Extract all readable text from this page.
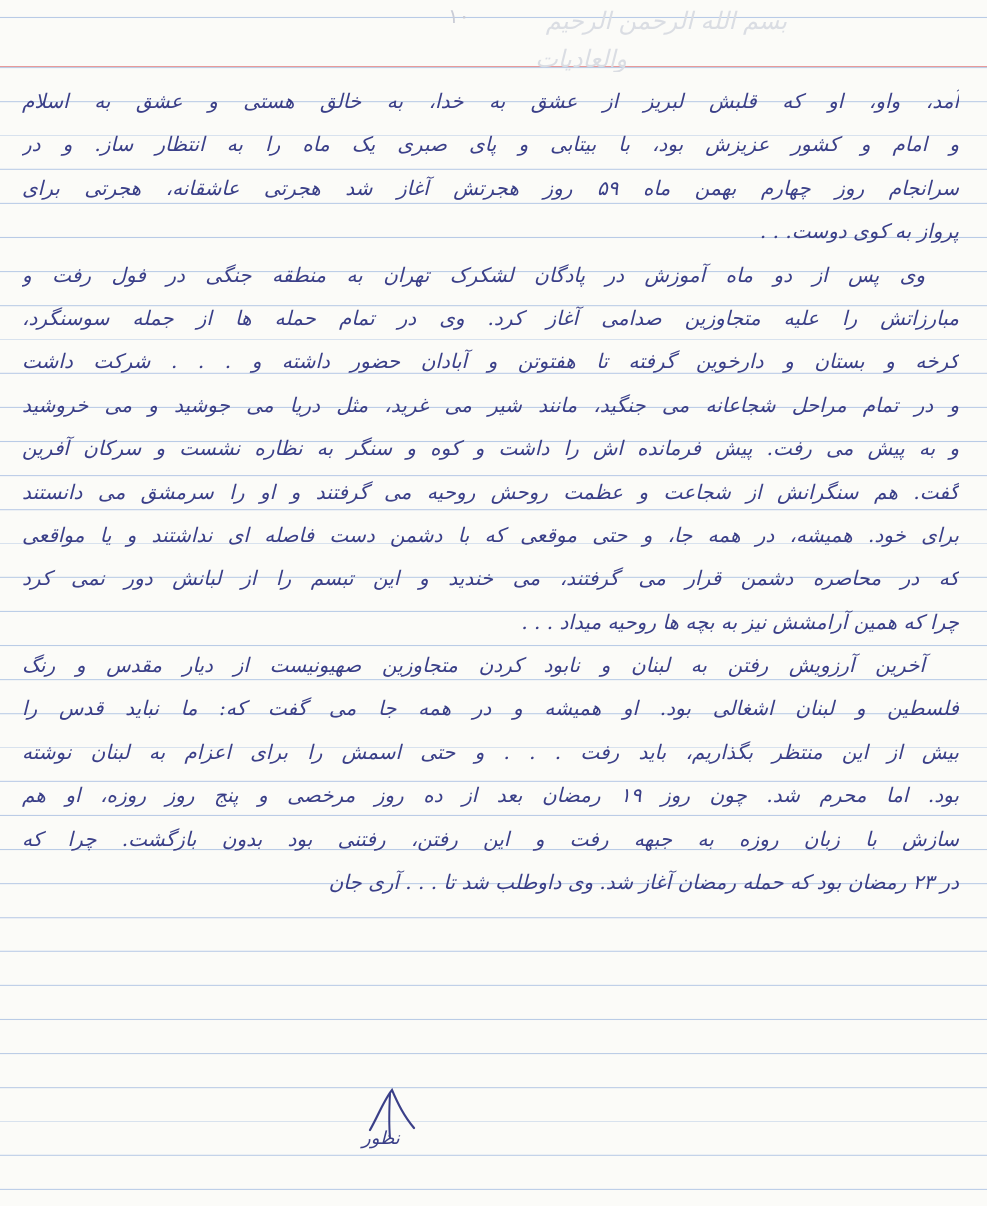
۱۰	بسم الله الرحمن الرحیم
والعادیات
آمد، واو، او که قلبش لبریز از عشق به خدا، به خالق هستی و عشق به اسلام
و امام و کشور عزیزش بود، با بیتابی و پای صبری یک ماه را به انتظار ساز. و در
سرانجام روز چهارم بهمن ماه ۵۹ روز هجرتش آغاز شد هجرتی عاشقانه، هجرتی برای
پرواز به کوی دوست. . .
وی پس از دو ماه آموزش در پادگان لشکرک تهران به منطقه جنگی در فول رفت و
مبارزاتش را علیه متجاوزین صدامی آغاز کرد. وی در تمام حمله ها از جمله سوسنگرد،
کرخه و بستان و دارخوین گرفته تا هفتوتن و آبادان حضور داشته و . . . شرکت داشت
و در تمام مراحل شجاعانه می جنگید، مانند شیر می غرید، مثل دریا می جوشید و می خروشید
و به پیش می رفت. پیش فرمانده اش را داشت و کوه و سنگر به نظاره نشست و سرکان آفرین
گفت. هم سنگرانش از شجاعت و عظمت روحش روحیه می گرفتند و او را سرمشق می دانستند
برای خود. همیشه، در همه جا، و حتی موقعی که با دشمن دست فاصله ای نداشتند و یا مواقعی
که در محاصره دشمن قرار می گرفتند، می خندید و این تبسم را از لبانش دور نمی کرد
چرا که همین آرامشش نیز به بچه ها روحیه میداد . . .
آخرین آرزویش رفتن به لبنان و نابود کردن متجاوزین صهیونیست از دیار مقدس و رنگ
فلسطین و لبنان اشغالی بود. او همیشه و در همه جا می گفت که: ما نباید قدس را
بیش از این منتظر بگذاریم، باید رفت . . . و حتی اسمش را برای اعزام به لبنان نوشته
بود. اما محرم شد. چون روز ۱۹ رمضان بعد از ده روز مرخصی و پنج روز روزه، او هم
سازش با زبان روزه به جبهه رفت و این رفتن، رفتنی بود بدون بازگشت. چرا که
در ۲۳ رمضان بود که حمله رمضان آغاز شد. وی داوطلب شد تا . . . آری جان
نظور
